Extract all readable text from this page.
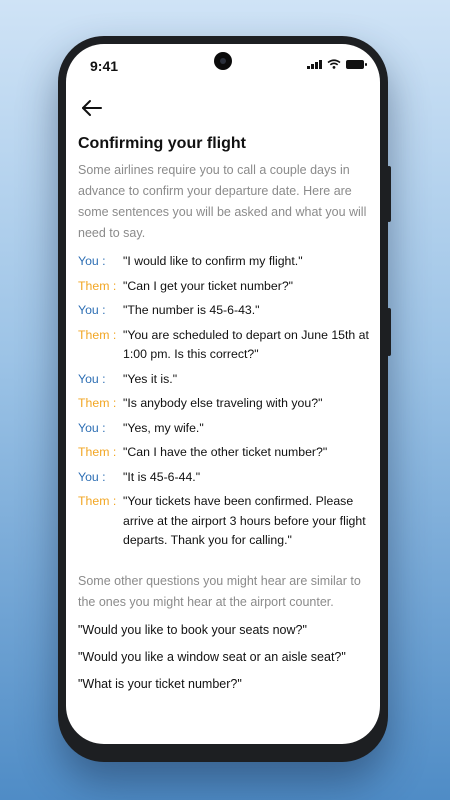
9:41
Confirming your flight
Some airlines require you to call a couple days in advance to confirm your departure date. Here are some sentences you will be asked and what you will need to say.
You :	"I would like to confirm my flight."
Them : "Can I get your ticket number?"
You :	"The number is 45-6-43."
Them : "You are scheduled to depart on June 15th at 1:00 pm. Is this correct?"
You :	"Yes it is."
Them : "Is anybody else traveling with you?"
You :	"Yes, my wife."
Them : "Can I have the other ticket number?"
You :	"It is 45-6-44."
Them : "Your tickets have been confirmed. Please arrive at the airport 3 hours before your flight departs. Thank you for calling."
Some other questions you might hear are similar to the ones you might hear at the airport counter.
"Would you like to book your seats now?"
"Would you like a window seat or an aisle seat?"
"What is your ticket number?"
